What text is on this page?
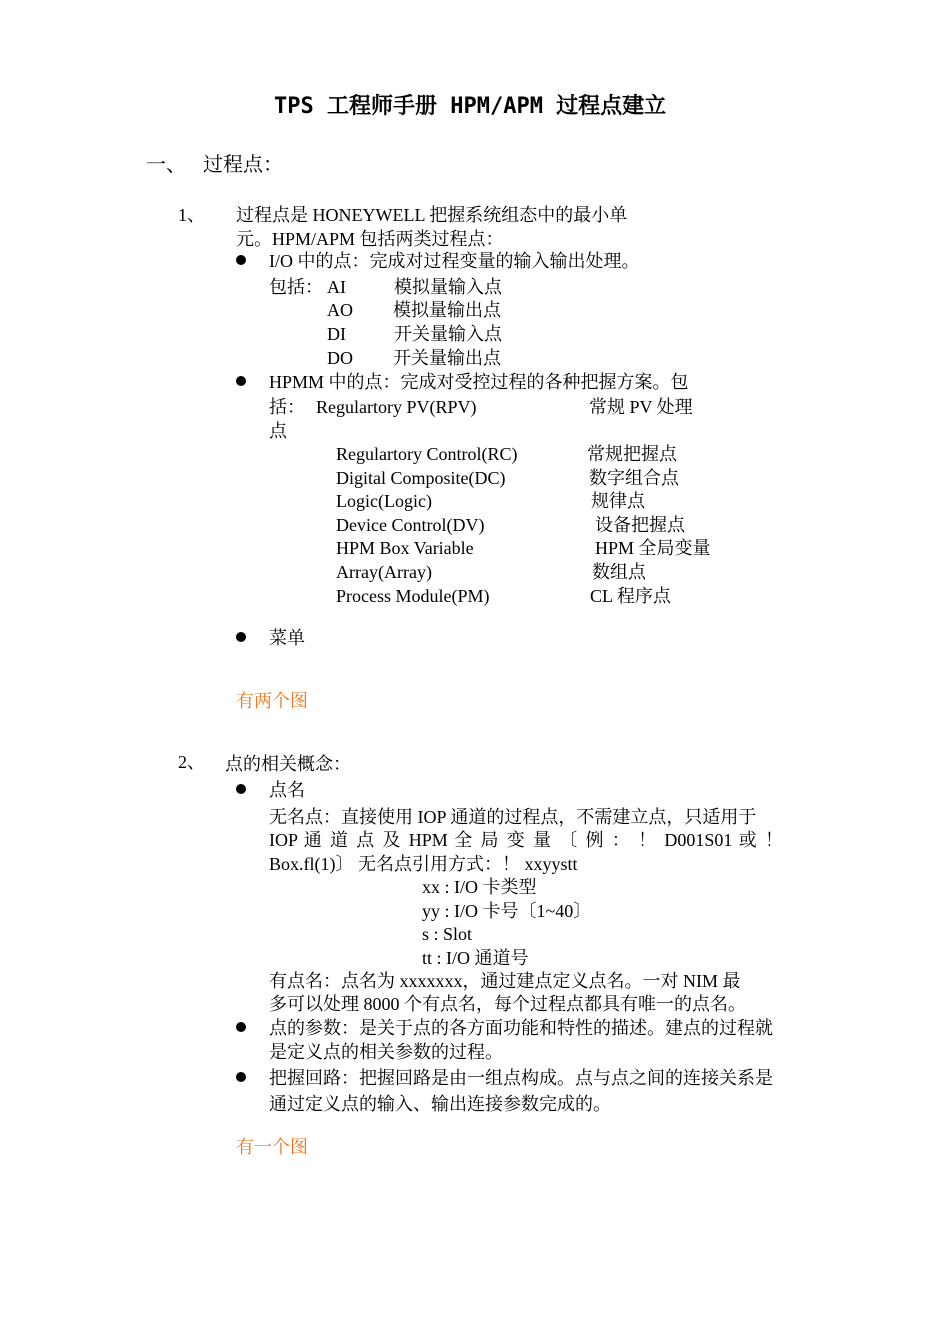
TPS 工程师手册 HPM/APM 过程点建立
一、 过程点：
1、 过程点是 HONEYWELL 把握系统组态中的最小单
元。HPM/APM 包括两类过程点：
I/O 中的点：完成对过程变量的输入输出处理。
包括： AI	模拟量输入点
AO 模拟量输出点
DI	开关量输入点
DO 开关量输出点
HPMM 中的点：完成对受控过程的各种把握方案。包
括： Regulartory PV(RPV)	常规 PV 处理
点
Regulartory Control(RC)	常规把握点
Digital Composite(DC)	数字组合点
Logic(Logic)	规律点
Device Control(DV)	设备把握点
HPM Box Variable	HPM 全局变量
Array(Array)	数组点
Process Module(PM)	CL 程序点
菜单
有两个图
2、 点的相关概念：
点名
无名点：直接使用 IOP 通道的过程点，不需建立点，只适用于
IOP 通 道 点 及 HPM 全 局 变 量 〔 例 ： ！ D001S01 或 ！
Box.fl(1)〕 无名点引用方式：！ xxyystt
xx : I/O 卡类型
yy : I/O 卡号〔1~40〕
s : Slot
tt : I/O 通道号
有点名：点名为 xxxxxxx，通过建点定义点名。一对 NIM 最
多可以处理 8000 个有点名，每个过程点都具有唯一的点名。
点的参数：是关于点的各方面功能和特性的描述。建点的过程就
是定义点的相关参数的过程。
把握回路：把握回路是由一组点构成。点与点之间的连接关系是
通过定义点的输入、输出连接参数完成的。
有一个图
